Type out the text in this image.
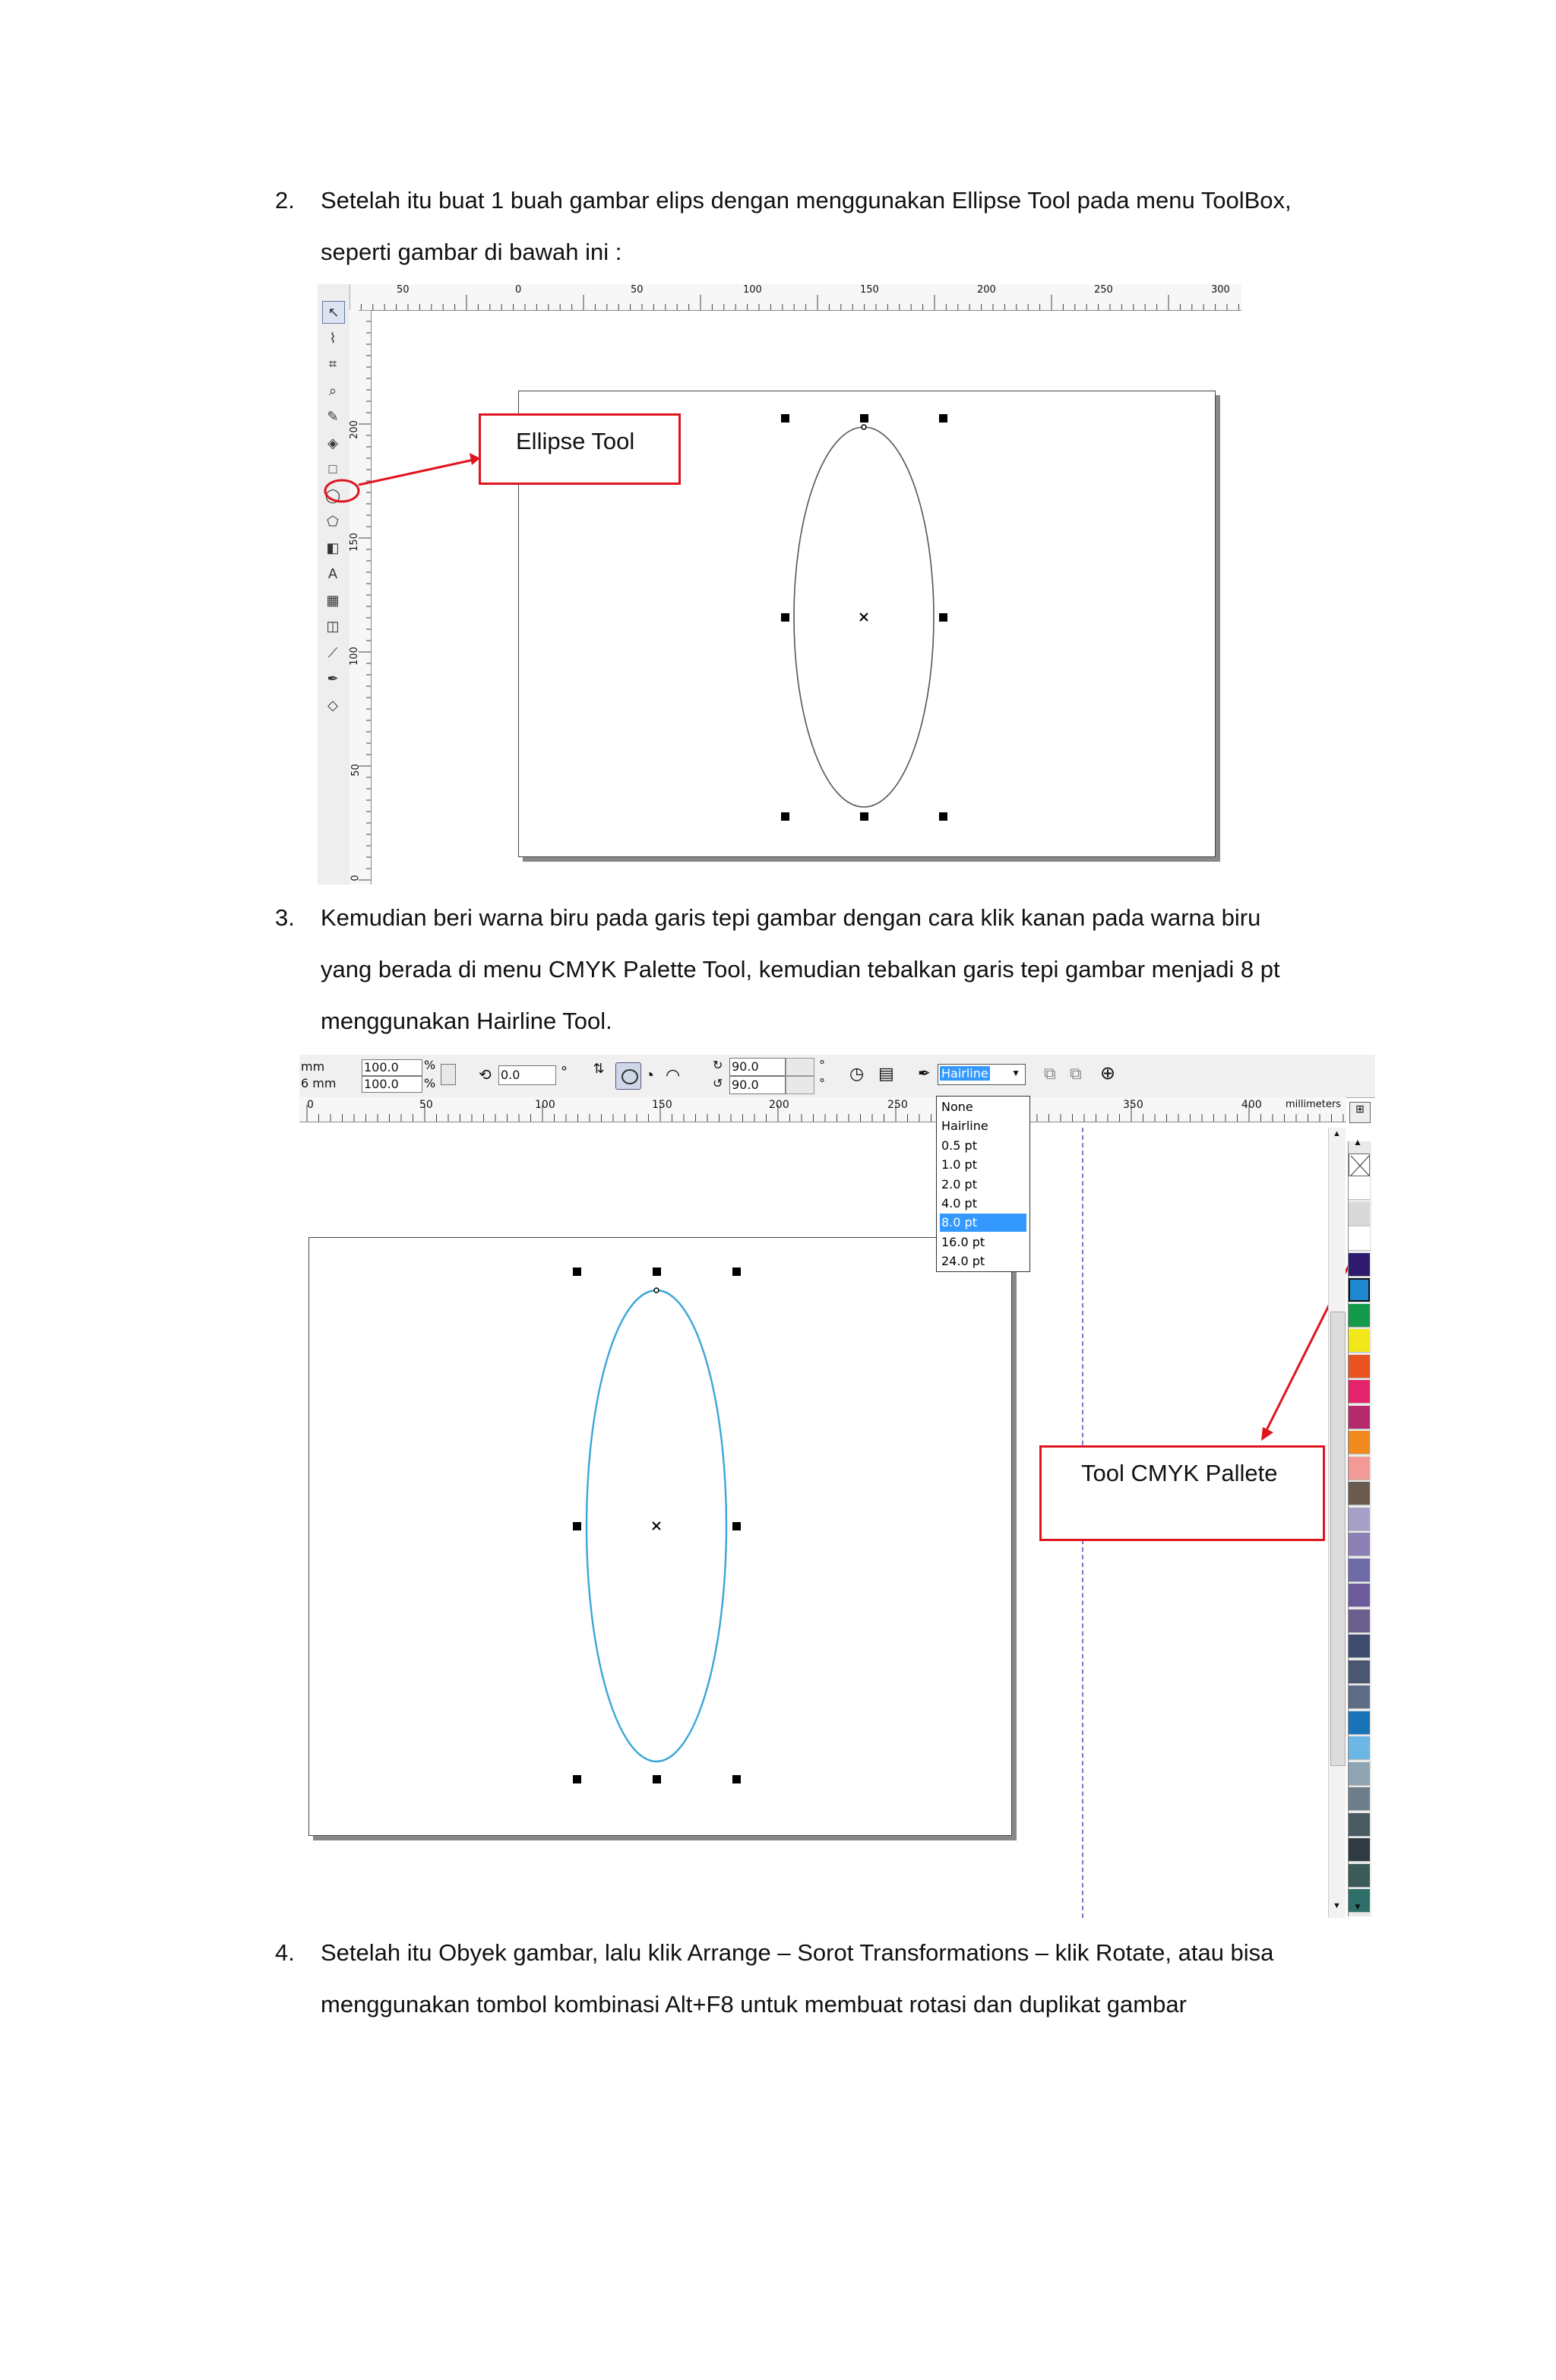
2. Setelah itu buat 1 buah gambar elips dengan menggunakan Ellipse Tool pada menu ToolBox,
seperti gambar di bawah ini :
50	0	50	100	150	200	250	300
↖
⌇
⌗
⌕
✎
◈
□
◯
⬠
◧
A
▦
◫
⟋
✒
◇
200
150
100
50
0
Ellipse Tool
3. Kemudian beri warna biru pada garis tepi gambar dengan cara klik kanan pada warna biru
yang berada di menu CMYK Palette Tool, kemudian tebalkan garis tepi gambar menjadi 8 pt
menggunakan Hairline Tool.
mm
6 mm
100.0
100.0
%
%	⟲ 0.0	°	⇅ ◔ ◠	↻ 90.0
↺ 90.0
°
°
◷ ▤ ✒ Hairline	▼ ⧉ ⧉ ⊕
0	50	100	150	200	250	350	400 millimeters	⊞
None
Hairline
0.5 pt
1.0 pt
2.0 pt
4.0 pt
8.0 pt
16.0 pt
24.0 pt
▲
▼
▲
▼
Tool CMYK Pallete
4. Setelah itu Obyek gambar, lalu klik Arrange – Sorot Transformations – klik Rotate, atau bisa
menggunakan tombol kombinasi Alt+F8 untuk membuat rotasi dan duplikat gambar
